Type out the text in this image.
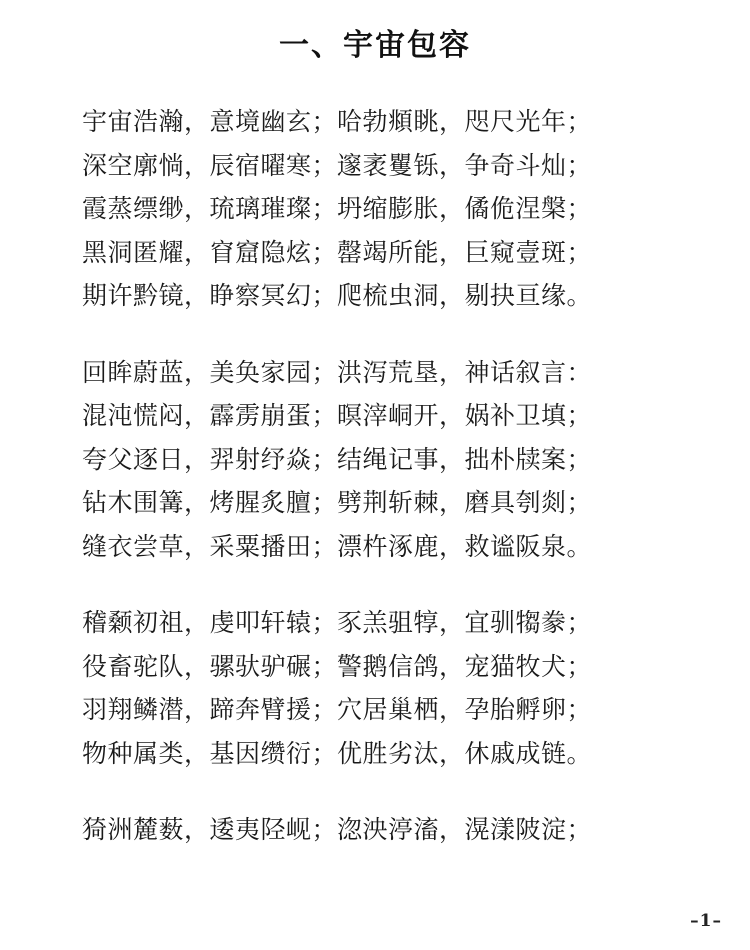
一、宇宙包容
宇宙浩瀚，意境幽玄；哈勃頫眺，咫尺光年；
深空廓惝，辰宿曜寒；邃袤矍铄，争奇斗灿；
霞蒸缥缈，琉璃璀璨；坍缩膨胀，僪佹涅槃；
黑洞匿耀，窅窟隐炫；罄竭所能，巨窥壹斑；
期许黔镜，睁察冥幻；爬梳虫洞，剔抉亘缘。
回眸蔚蓝，美奂家园；洪泻荒垦，神话叙言：
混沌慌闷，霹雳崩蛋；暝滓峒开，娲补卫填；
夸父逐日，羿射纾焱；结绳记事，拙朴牍案；
钻木围篝，烤腥炙膻；劈荆斩棘，磨具刳剡；
缝衣尝草，采粟播田；漂杵涿鹿，救谧阪泉。
稽颡初祖，虔叩轩辕；豕羔驵犉，宜驯犓豢；
役畜驼队，骡驮驴碾；警鹅信鸽，宠猫牧犬；
羽翔鳞潜，蹄奔臂援；穴居巢栖，孕胎孵卵；
物种属类，基因缵衍；优胜劣汰，休戚成链。
猗洲麓薮，逶夷陉岘；淴泱渟滀，滉漾陂淀；
–1–
